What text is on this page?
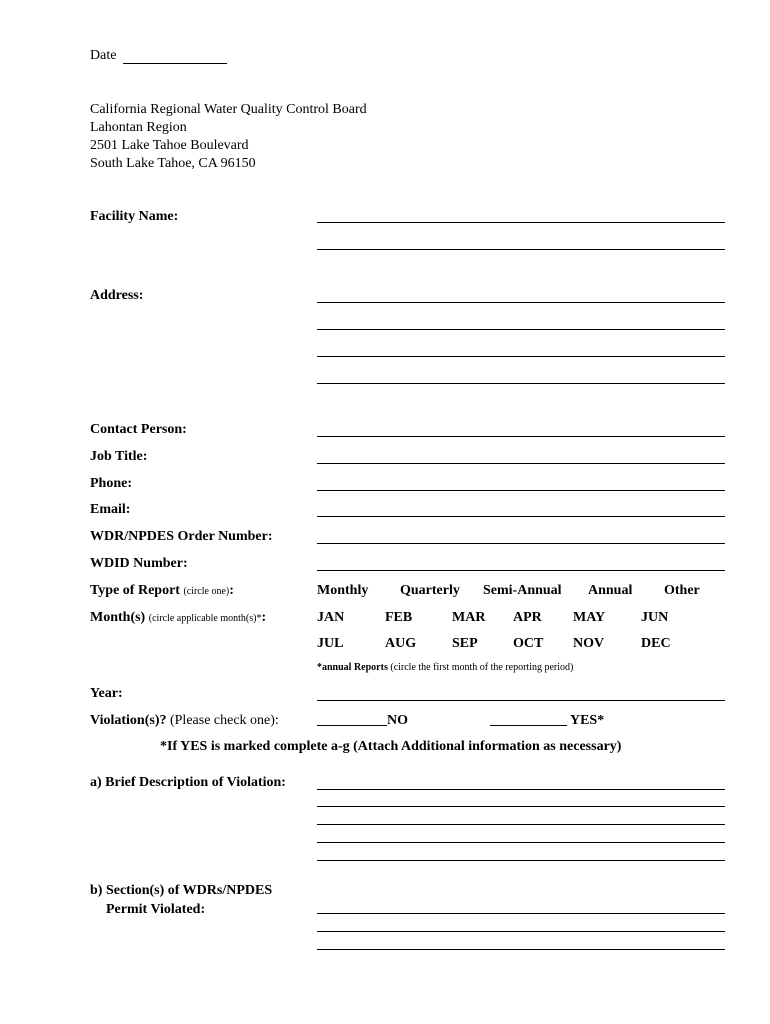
Date
California Regional Water Quality Control Board
Lahontan Region
2501 Lake Tahoe Boulevard
South Lake Tahoe, CA 96150
Facility Name:
Address:
Contact Person:
Job Title:
Phone:
Email:
WDR/NPDES Order Number:
WDID Number:
Type of Report (circle one):	Monthly Quarterly Semi-Annual Annual Other
Month(s) (circle applicable month(s)*:	JAN	FEB	MAR APR MAY	JUN
JUL	AUG	SEP	OCT NOV	DEC
*annual Reports (circle the first month of the reporting period)
Year:
Violation(s)? (Please check one):	__________NO	___________ YES*
*If YES is marked complete a-g (Attach Additional information as necessary)
a) Brief Description of Violation:
b) Section(s) of WDRs/NPDES
Permit Violated:
